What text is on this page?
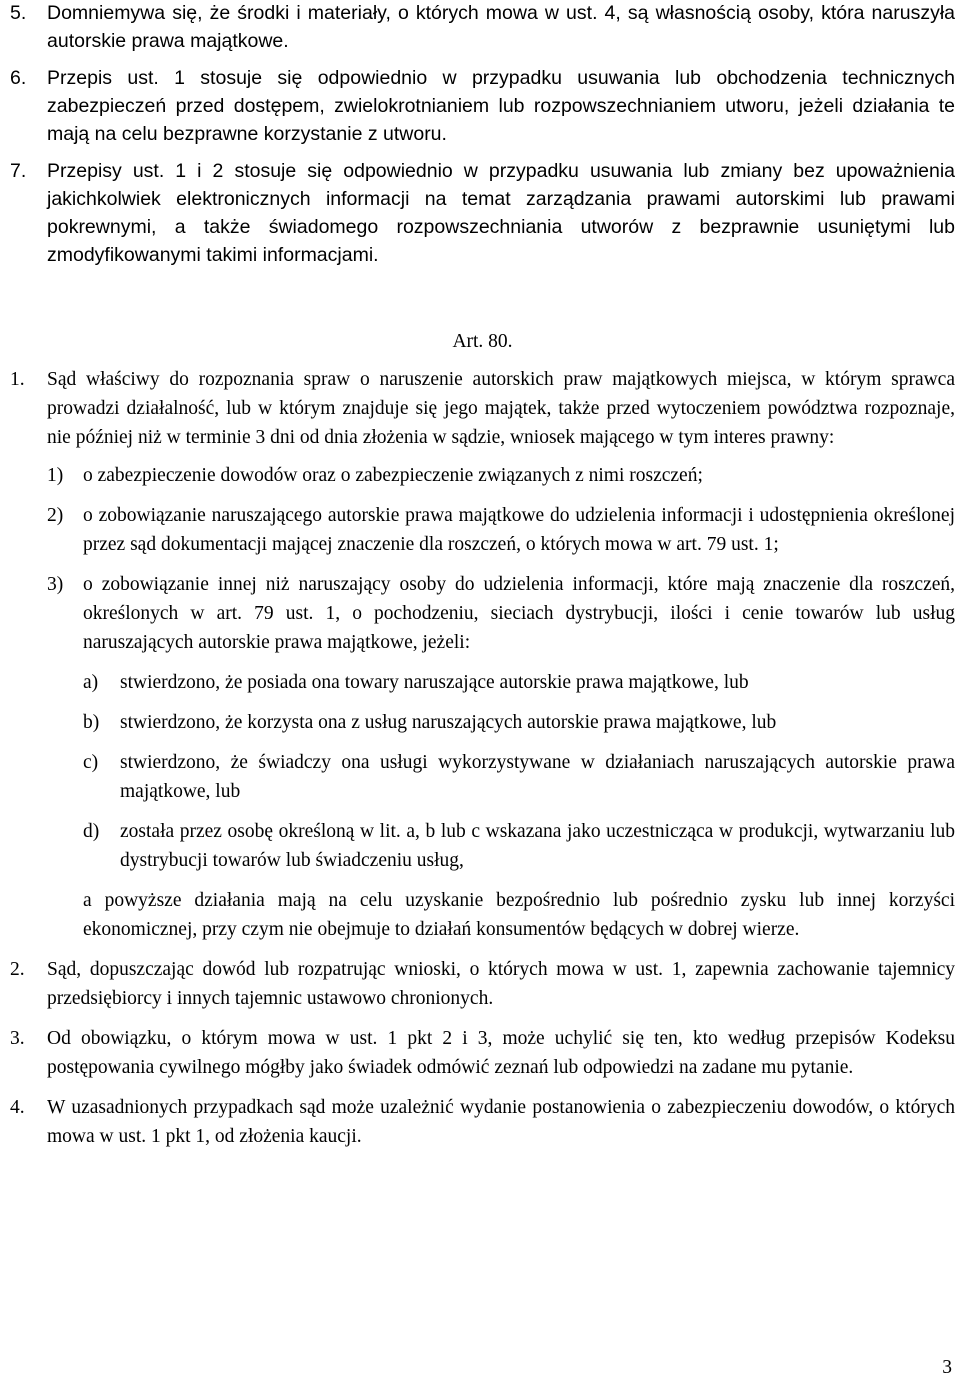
5. Domniemywa się, że środki i materiały, o których mowa w ust. 4, są własnością osoby, która naruszyła autorskie prawa majątkowe.
6. Przepis ust. 1 stosuje się odpowiednio w przypadku usuwania lub obchodzenia technicznych zabezpieczeń przed dostępem, zwielokrotnianiem lub rozpowszechnianiem utworu, jeżeli działania te mają na celu bezprawne korzystanie z utworu.
7. Przepisy ust. 1 i 2 stosuje się odpowiednio w przypadku usuwania lub zmiany bez upoważnienia jakichkolwiek elektronicznych informacji na temat zarządzania prawami autorskimi lub prawami pokrewnymi, a także świadomego rozpowszechniania utworów z bezprawnie usuniętymi lub zmodyfikowanymi takimi informacjami.
Art. 80.
1. Sąd właściwy do rozpoznania spraw o naruszenie autorskich praw majątkowych miejsca, w którym sprawca prowadzi działalność, lub w którym znajduje się jego majątek, także przed wytoczeniem powództwa rozpoznaje, nie później niż w terminie 3 dni od dnia złożenia w sądzie, wniosek mającego w tym interes prawny:
1) o zabezpieczenie dowodów oraz o zabezpieczenie związanych z nimi roszczeń;
2) o zobowiązanie naruszającego autorskie prawa majątkowe do udzielenia informacji i udostępnienia określonej przez sąd dokumentacji mającej znaczenie dla roszczeń, o których mowa w art. 79 ust. 1;
3) o zobowiązanie innej niż naruszający osoby do udzielenia informacji, które mają znaczenie dla roszczeń, określonych w art. 79 ust. 1, o pochodzeniu, sieciach dystrybucji, ilości i cenie towarów lub usług naruszających autorskie prawa majątkowe, jeżeli:
a) stwierdzono, że posiada ona towary naruszające autorskie prawa majątkowe, lub
b) stwierdzono, że korzysta ona z usług naruszających autorskie prawa majątkowe, lub
c) stwierdzono, że świadczy ona usługi wykorzystywane w działaniach naruszających autorskie prawa majątkowe, lub
d) została przez osobę określoną w lit. a, b lub c wskazana jako uczestnicząca w produkcji, wytwarzaniu lub dystrybucji towarów lub świadczeniu usług,
a powyższe działania mają na celu uzyskanie bezpośrednio lub pośrednio zysku lub innej korzyści ekonomicznej, przy czym nie obejmuje to działań konsumentów będących w dobrej wierze.
2. Sąd, dopuszczając dowód lub rozpatrując wnioski, o których mowa w ust. 1, zapewnia zachowanie tajemnicy przedsiębiorcy i innych tajemnic ustawowo chronionych.
3. Od obowiązku, o którym mowa w ust. 1 pkt 2 i 3, może uchylić się ten, kto według przepisów Kodeksu postępowania cywilnego mógłby jako świadek odmówić zeznań lub odpowiedzi na zadane mu pytanie.
4. W uzasadnionych przypadkach sąd może uzależnić wydanie postanowienia o zabezpieczeniu dowodów, o których mowa w ust. 1 pkt 1, od złożenia kaucji.
3
